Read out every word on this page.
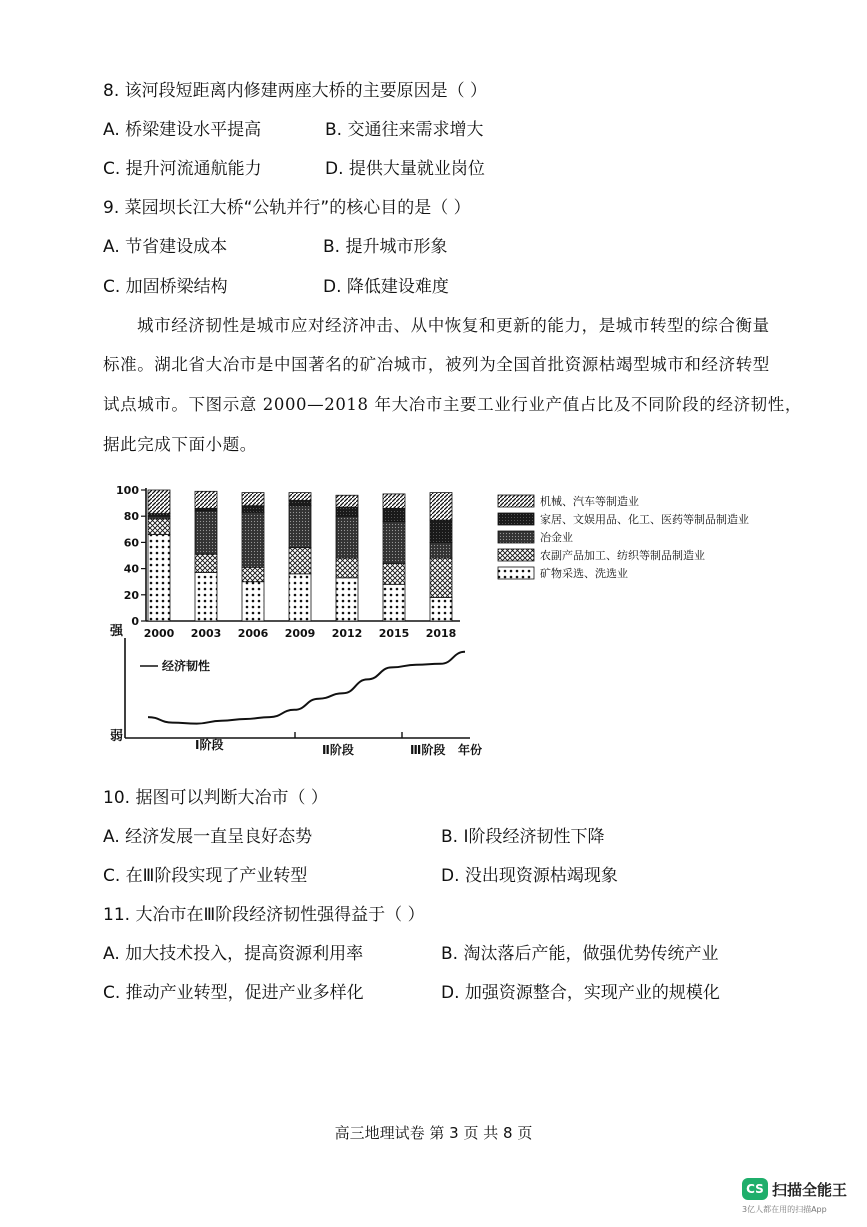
8. 该河段短距离内修建两座大桥的主要原因是（ ）
A. 桥梁建设水平提高	B. 交通往来需求增大
C. 提升河流通航能力	D. 提供大量就业岗位
9. 菜园坝长江大桥“公轨并行”的核心目的是（ ）
A. 节省建设成本	B. 提升城市形象
C. 加固桥梁结构	D. 降低建设难度
城市经济韧性是城市应对经济冲击、从中恢复和更新的能力，是城市转型的综合衡量
标准。湖北省大冶市是中国著名的矿冶城市，被列为全国首批资源枯竭型城市和经济转型
试点城市。下图示意 2000—2018 年大冶市主要工业行业产值占比及不同阶段的经济韧性，
据此完成下面小题。
0
20
40
60
80
100
2000 2003 2006 2009 2012 2015 2018
机械、汽车等制造业
家居、文娱用品、化工、医药等制品制造业
冶金业
农副产品加工、纺织等制品制造业
矿物采选、洗选业
强
弱
年份
Ⅰ阶段	Ⅱ阶段	Ⅲ阶段
经济韧性
10. 据图可以判断大冶市（ ）
A. 经济发展一直呈良好态势	B. Ⅰ阶段经济韧性下降
C. 在Ⅲ阶段实现了产业转型	D. 没出现资源枯竭现象
11. 大冶市在Ⅲ阶段经济韧性强得益于（ ）
A. 加大技术投入，提高资源利用率	B. 淘汰落后产能，做强优势传统产业
C. 推动产业转型，促进产业多样化	D. 加强资源整合，实现产业的规模化
高三地理试卷 第 3 页 共 8 页
CS 扫描全能王
3亿人都在用的扫描App
